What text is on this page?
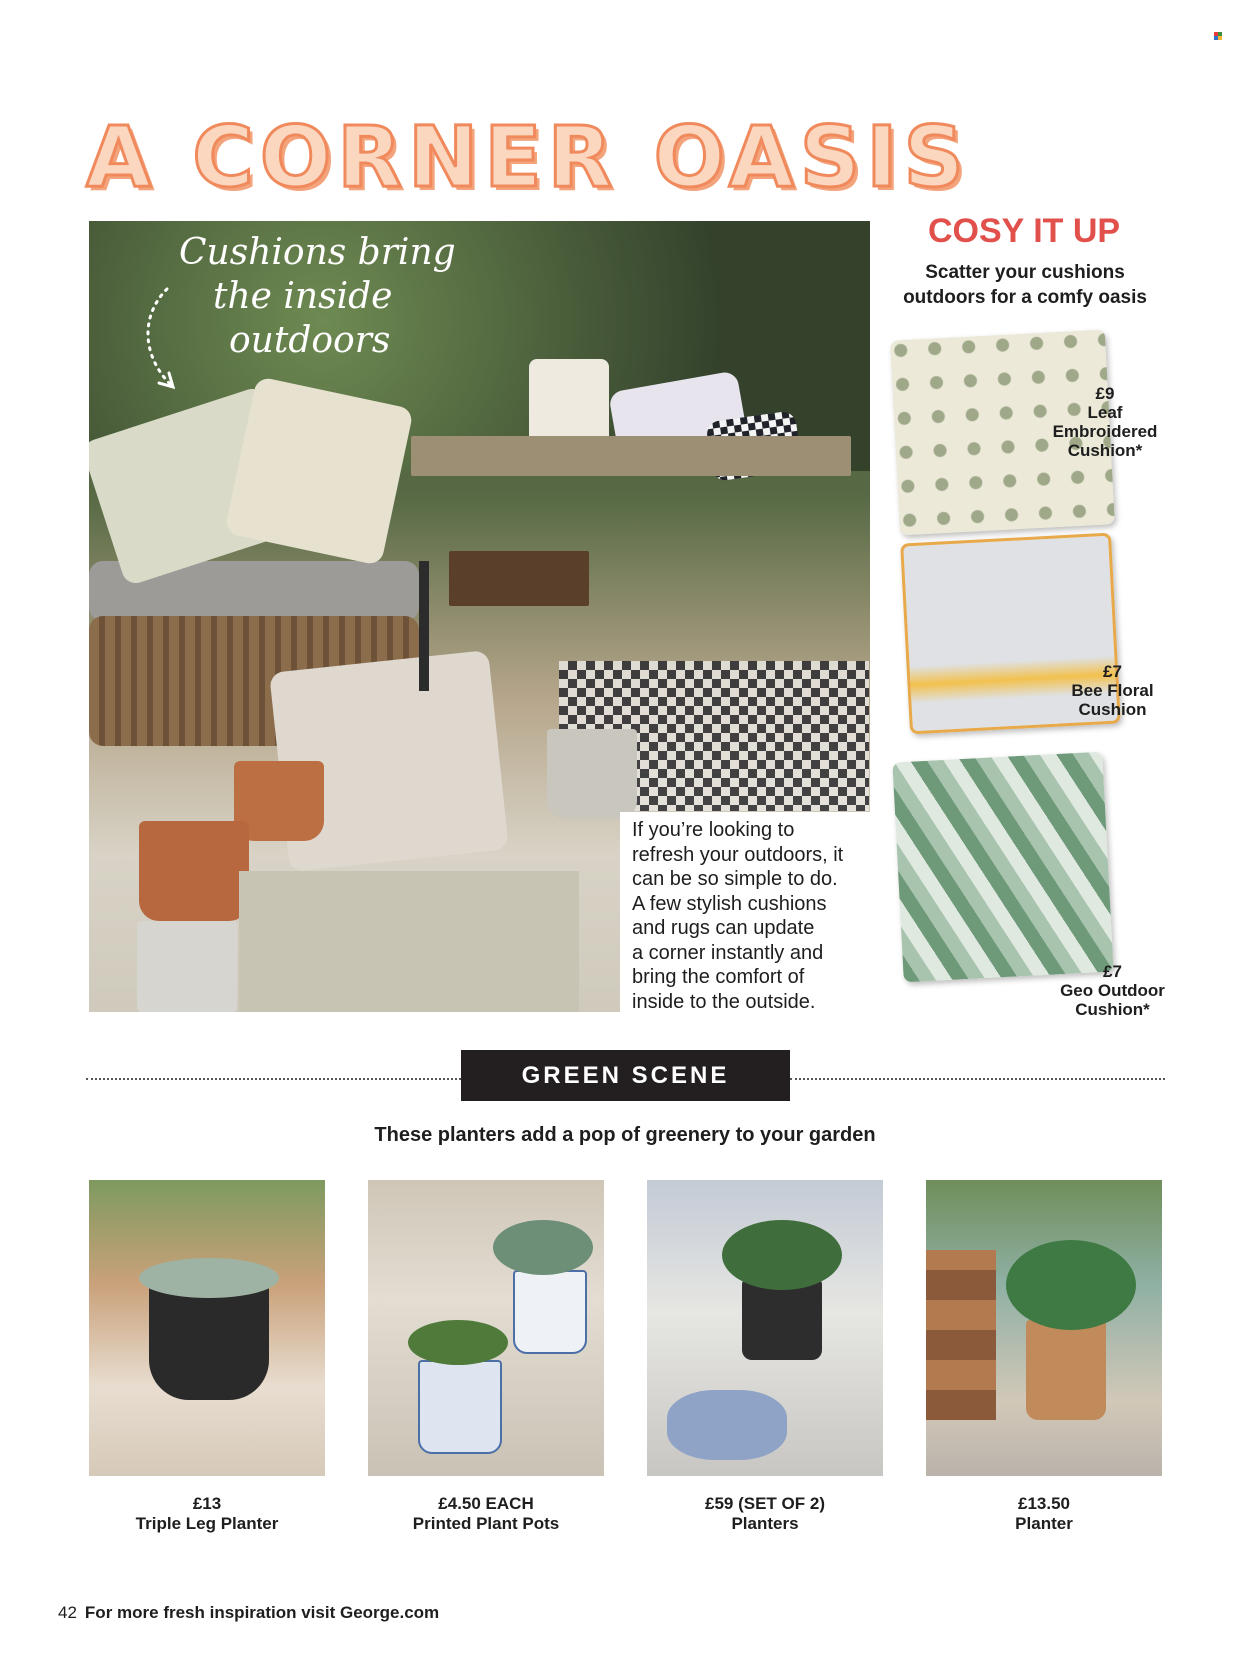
A CORNER OASIS
Cushions bring
the inside
outdoors
If you’re looking to
refresh your outdoors, it
can be so simple to do.
A few stylish cushions
and rugs can update
a corner instantly and
bring the comfort of
inside to the outside.
COSY IT UP
Scatter your cushions
outdoors for a comfy oasis
£9
Leaf
Embroidered
Cushion*
£7
Bee Floral
Cushion
£7
Geo Outdoor
Cushion*
GREEN SCENE
These planters add a pop of greenery to your garden
£13
Triple Leg Planter
£4.50 EACH
Printed Plant Pots
£59 (SET OF 2)
Planters
£13.50
Planter
42 For more fresh inspiration visit George.com
